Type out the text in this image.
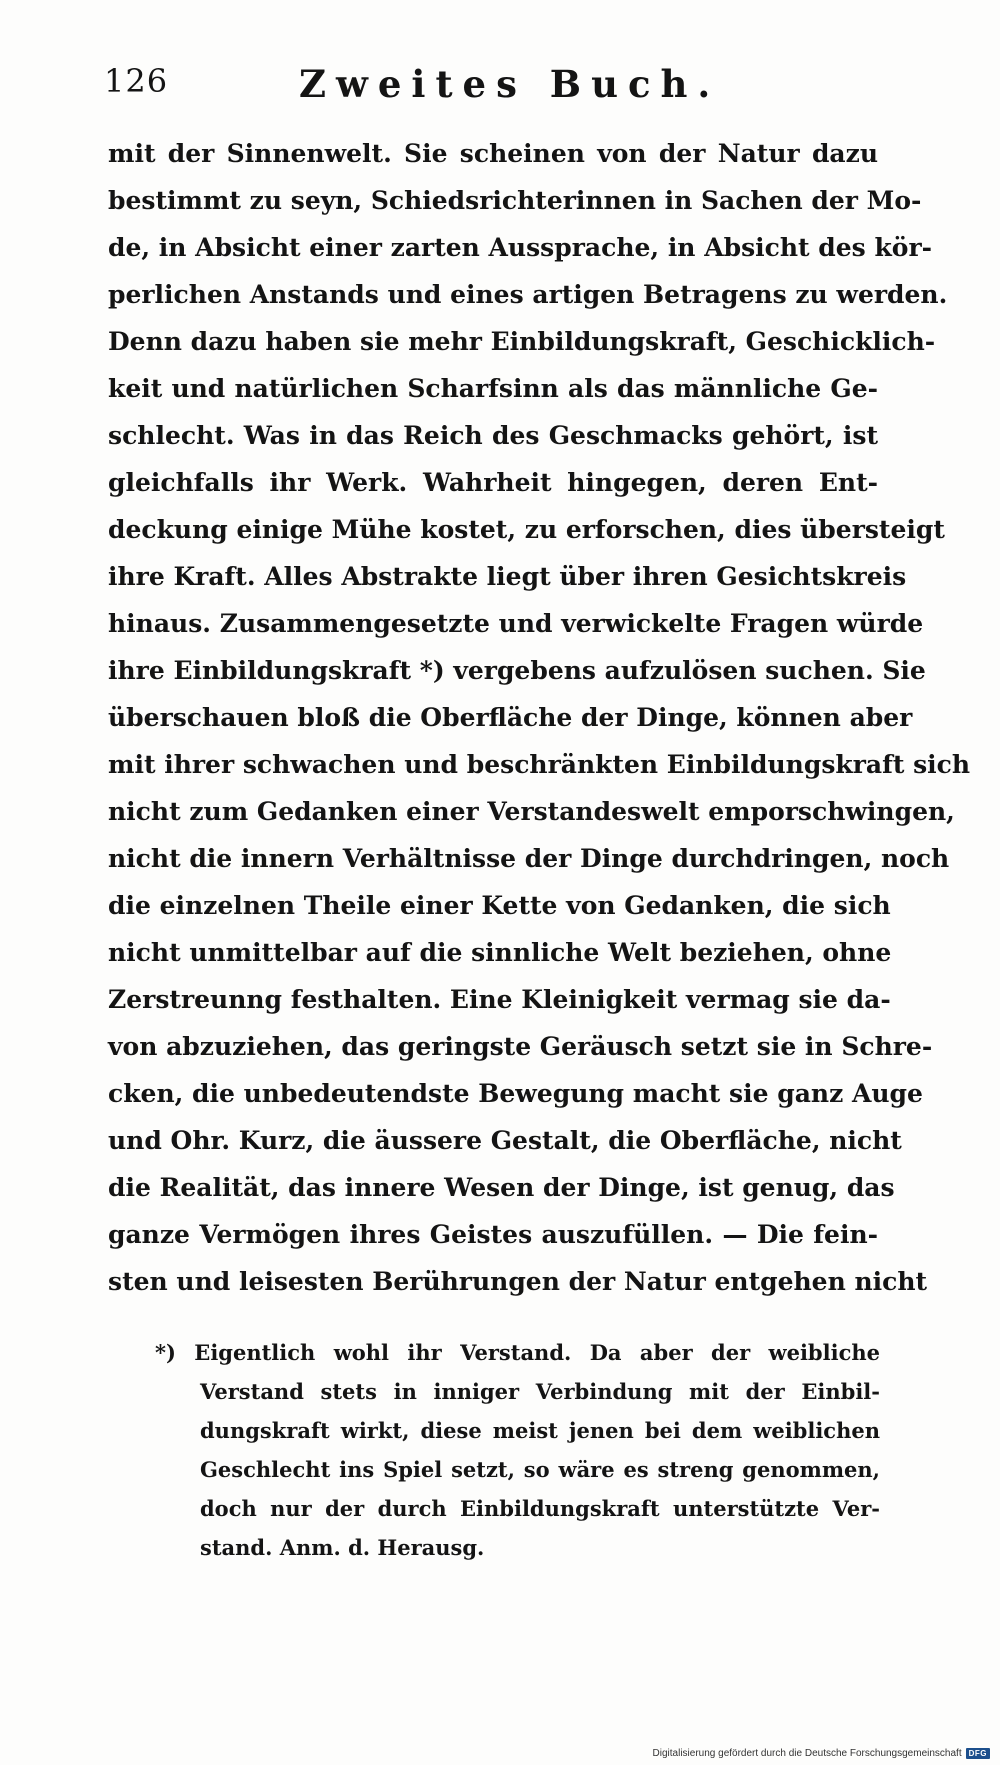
126	Zweites Buch.
mit der Sinnenwelt. Sie scheinen von der Natur dazu
bestimmt zu seyn, Schiedsrichterinnen in Sachen der Mo-
de, in Absicht einer zarten Aussprache, in Absicht des kör-
perlichen Anstands und eines artigen Betragens zu werden.
Denn dazu haben sie mehr Einbildungskraft, Geschicklich-
keit und natürlichen Scharfsinn als das männliche Ge-
schlecht. Was in das Reich des Geschmacks gehört, ist
gleichfalls ihr Werk. Wahrheit hingegen, deren Ent-
deckung einige Mühe kostet, zu erforschen, dies übersteigt
ihre Kraft. Alles Abstrakte liegt über ihren Gesichtskreis
hinaus. Zusammengesetzte und verwickelte Fragen würde
ihre Einbildungskraft *) vergebens aufzulösen suchen. Sie
überschauen bloß die Oberfläche der Dinge, können aber
mit ihrer schwachen und beschränkten Einbildungskraft sich
nicht zum Gedanken einer Verstandeswelt emporschwingen,
nicht die innern Verhältnisse der Dinge durchdringen, noch
die einzelnen Theile einer Kette von Gedanken, die sich
nicht unmittelbar auf die sinnliche Welt beziehen, ohne
Zerstreunng festhalten. Eine Kleinigkeit vermag sie da-
von abzuziehen, das geringste Geräusch setzt sie in Schre-
cken, die unbedeutendste Bewegung macht sie ganz Auge
und Ohr. Kurz, die äussere Gestalt, die Oberfläche, nicht
die Realität, das innere Wesen der Dinge, ist genug, das
ganze Vermögen ihres Geistes auszufüllen. — Die fein-
sten und leisesten Berührungen der Natur entgehen nicht
*) Eigentlich wohl ihr Verstand. Da aber der weibliche
Verstand stets in inniger Verbindung mit der Einbil-
dungskraft wirkt, diese meist jenen bei dem weiblichen
Geschlecht ins Spiel setzt, so wäre es streng genommen,
doch nur der durch Einbildungskraft unterstützte Ver-
stand. Anm. d. Herausg.
Digitalisierung gefördert durch die Deutsche Forschungsgemeinschaft DFG
